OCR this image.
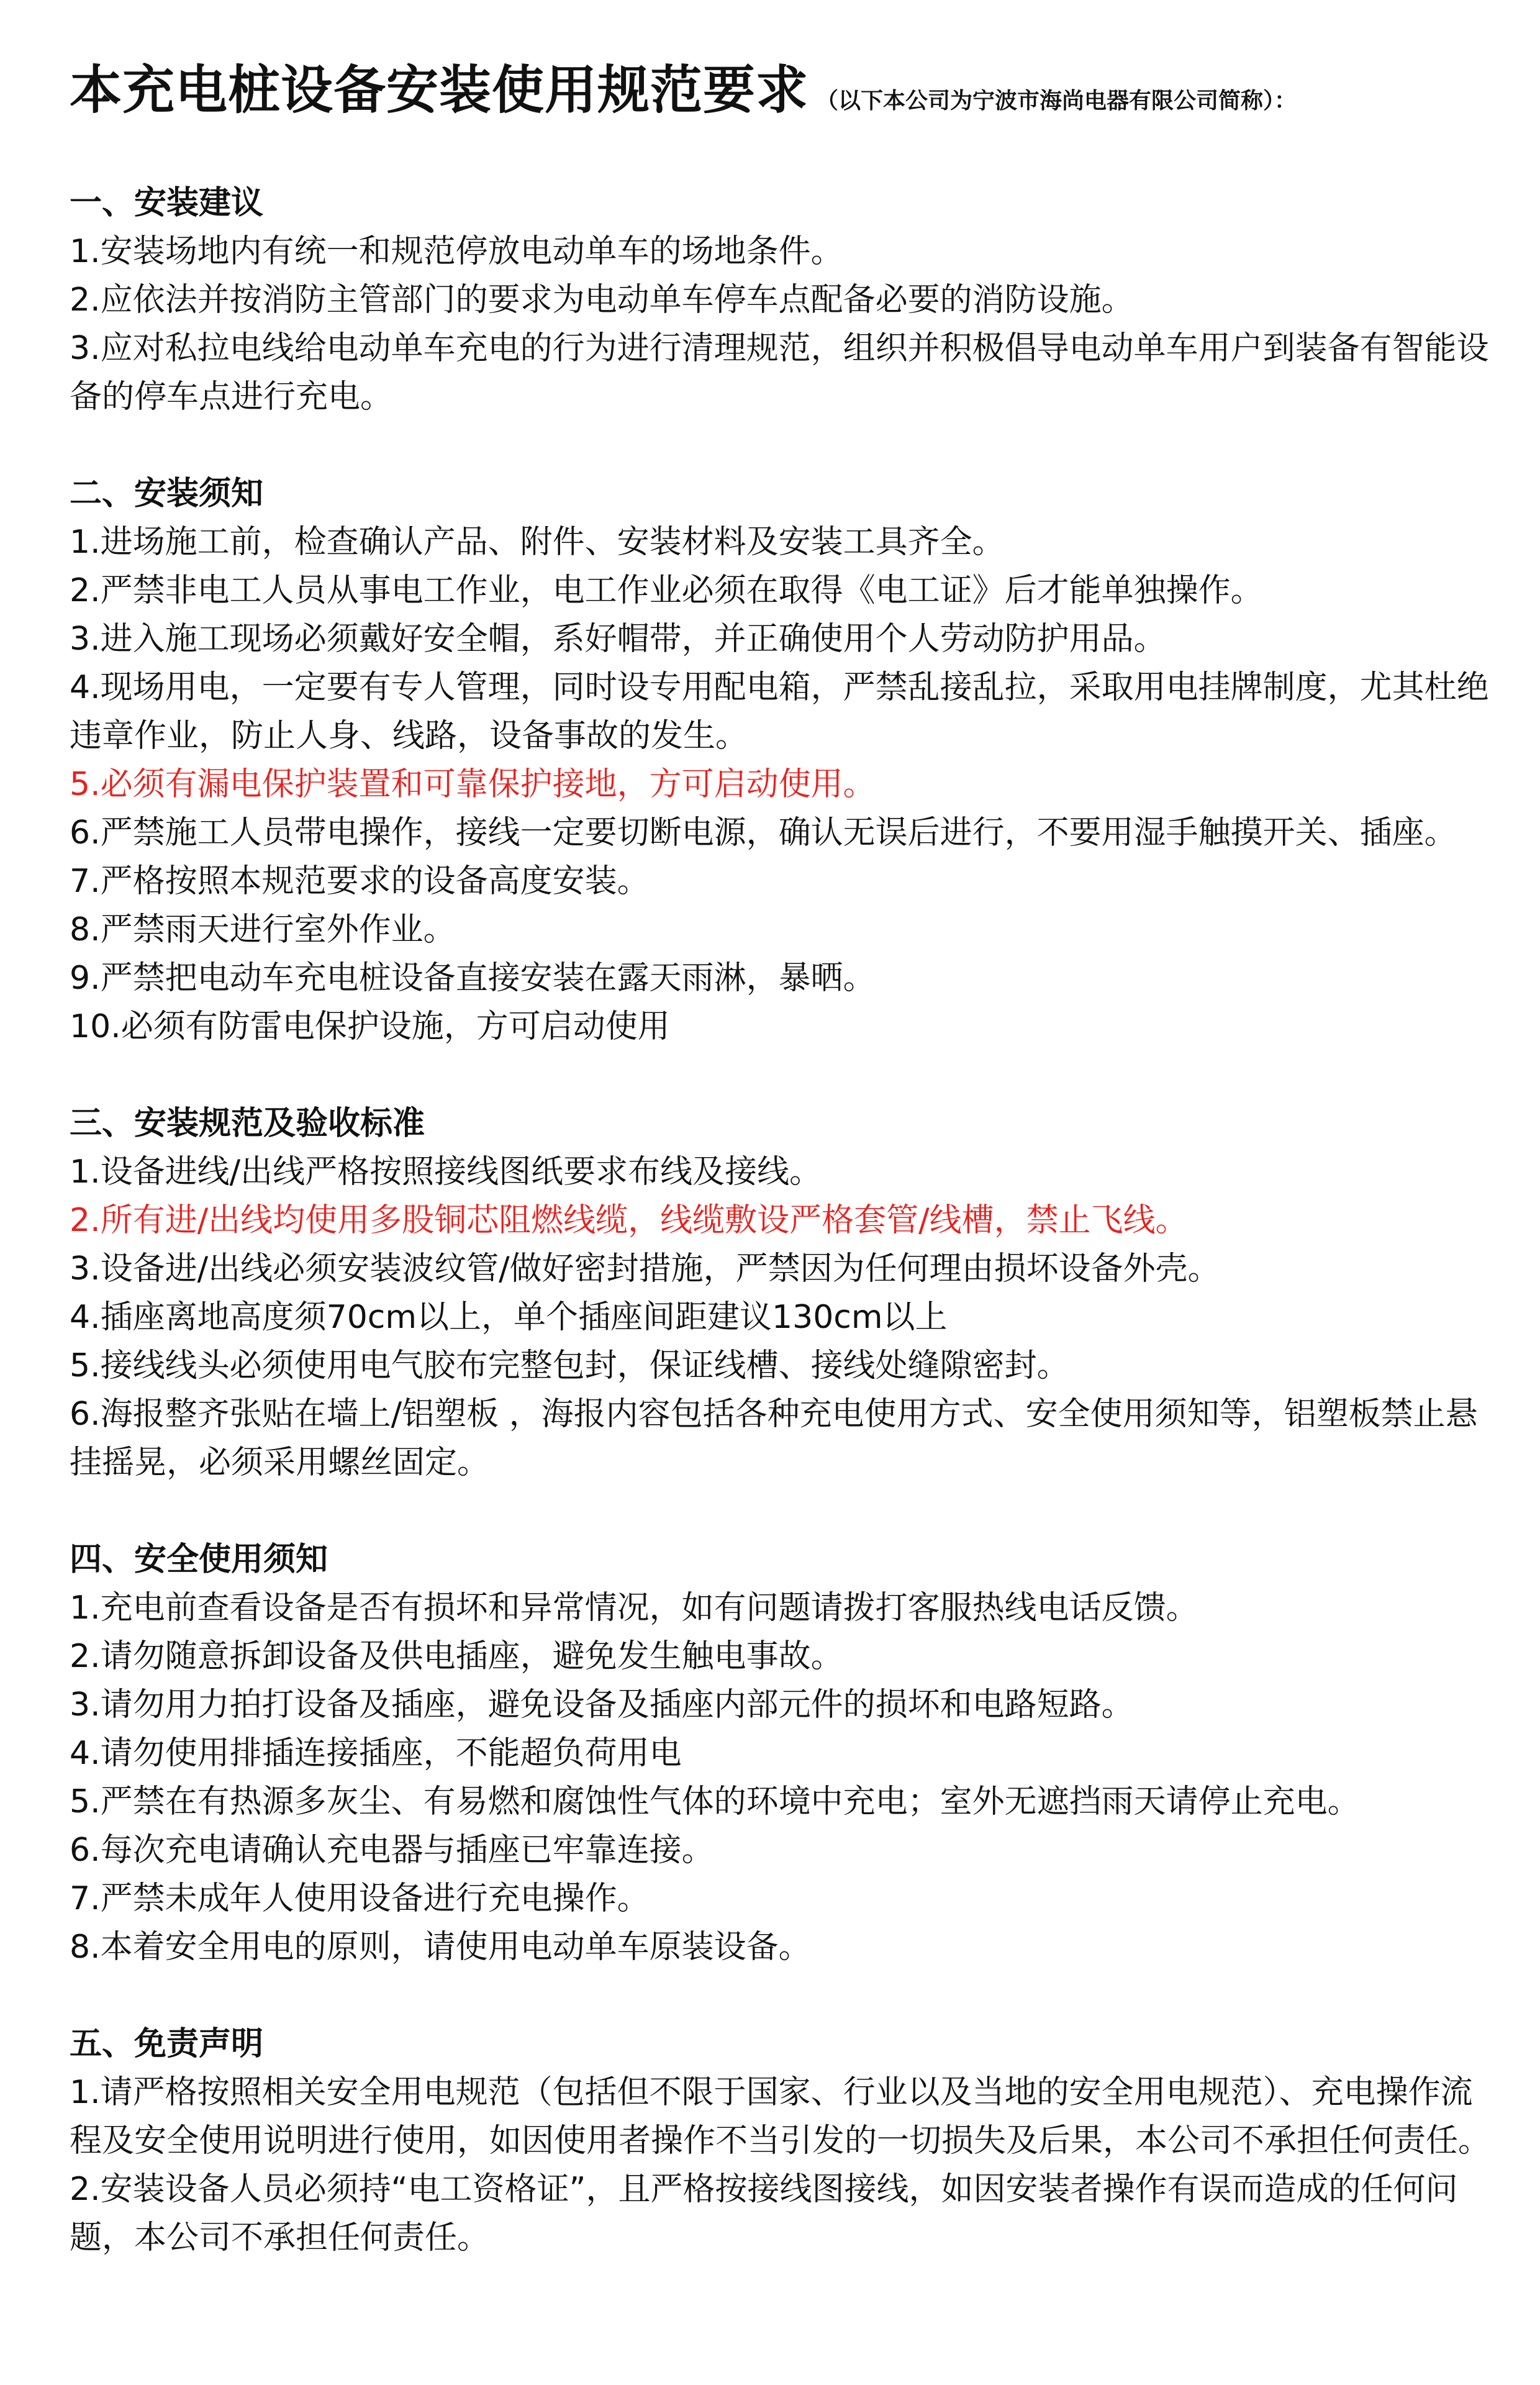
本充电桩设备安装使用规范要求 （以下本公司为宁波市海尚电器有限公司简称）：
一、安装建议

1.安装场地内有统一和规范停放电动单车的场地条件。

2.应依法并按消防主管部门的要求为电动单车停车点配备必要的消防设施。

3.应对私拉电线给电动单车充电的行为进行清理规范，组织并积极倡导电动单车用户到装备有智能设备的停车点进行充电。

二、安装须知

1.进场施工前，检查确认产品、附件、安装材料及安装工具齐全。

2.严禁非电工人员从事电工作业，电工作业必须在取得《电工证》后才能单独操作。

3.进入施工现场必须戴好安全帽，系好帽带，并正确使用个人劳动防护用品。

4.现场用电，一定要有专人管理，同时设专用配电箱，严禁乱接乱拉，采取用电挂牌制度，尤其杜绝违章作业，防止人身、线路，设备事故的发生。

5.必须有漏电保护装置和可靠保护接地，方可启动使用。

6.严禁施工人员带电操作，接线一定要切断电源，确认无误后进行，不要用湿手触摸开关、插座。

7.严格按照本规范要求的设备高度安装。

8.严禁雨天进行室外作业。

9.严禁把电动车充电桩设备直接安装在露天雨淋，暴晒。

10.必须有防雷电保护设施，方可启动使用

三、安装规范及验收标准

1.设备进线/出线严格按照接线图纸要求布线及接线。

2.所有进/出线均使用多股铜芯阻燃线缆，线缆敷设严格套管/线槽，禁止飞线。

3.设备进/出线必须安装波纹管/做好密封措施，严禁因为任何理由损坏设备外壳。

4.插座离地高度须70cm以上，单个插座间距建议130cm以上

5.接线线头必须使用电气胶布完整包封，保证线槽、接线处缝隙密封。

6.海报整齐张贴在墙上/铝塑板 ，海报内容包括各种充电使用方式、安全使用须知等，铝塑板禁止悬挂摇晃，必须采用螺丝固定。

四、安全使用须知

1.充电前查看设备是否有损坏和异常情况，如有问题请拨打客服热线电话反馈。

2.请勿随意拆卸设备及供电插座，避免发生触电事故。

3.请勿用力拍打设备及插座，避免设备及插座内部元件的损坏和电路短路。

4.请勿使用排插连接插座，不能超负荷用电

5.严禁在有热源多灰尘、有易燃和腐蚀性气体的环境中充电；室外无遮挡雨天请停止充电。

6.每次充电请确认充电器与插座已牢靠连接。

7.严禁未成年人使用设备进行充电操作。

8.本着安全用电的原则，请使用电动单车原装设备。

五、免责声明

1.请严格按照相关安全用电规范（包括但不限于国家、行业以及当地的安全用电规范）、充电操作流程及安全使用说明进行使用，如因使用者操作不当引发的一切损失及后果，本公司不承担任何责任。

2.安装设备人员必须持“电工资格证”，且严格按接线图接线，如因安装者操作有误而造成的任何问题，本公司不承担任何责任。
